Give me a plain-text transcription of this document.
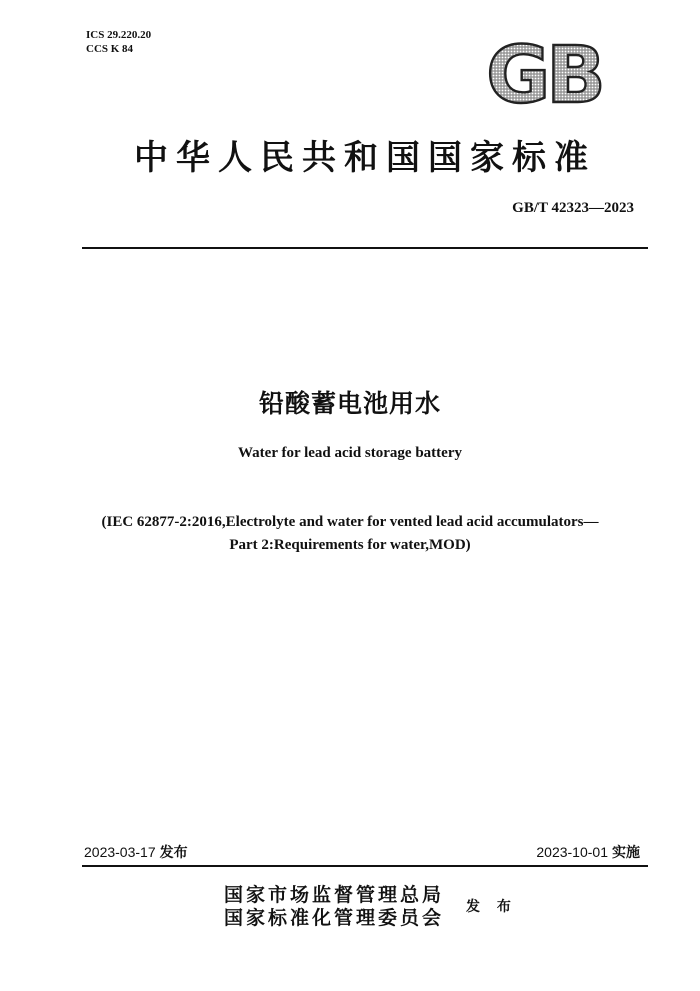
ICS 29.220.20
CCS K 84	GB
中华人民共和国国家标准
GB/T 42323—2023
铅酸蓄电池用水
Water for lead acid storage battery
(IEC 62877-2:2016,Electrolyte and water for vented lead acid accumulators—
Part 2:Requirements for water,MOD)
2023-03-17 发布	2023-10-01 实施
国家市场监督管理总局
国家标准化管理委员会 发 布
